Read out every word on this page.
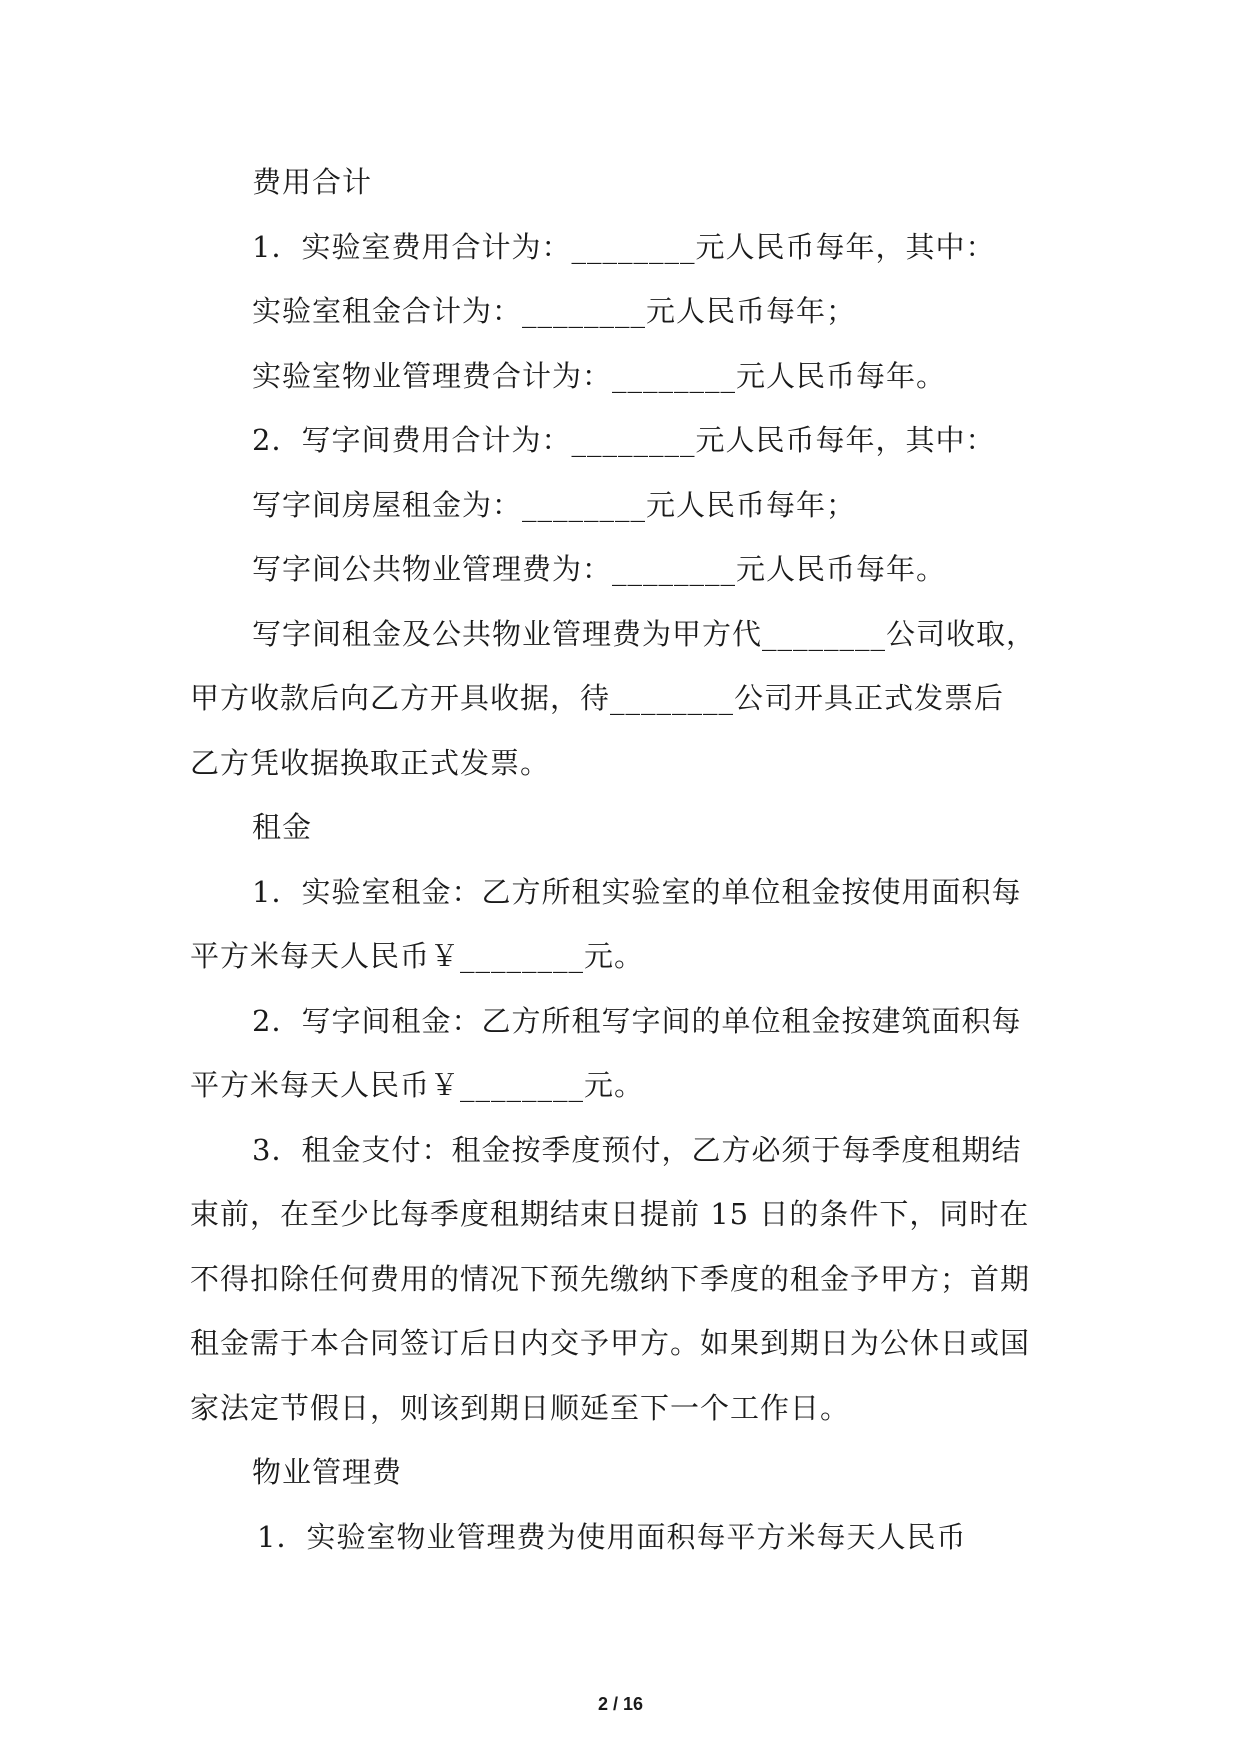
费用合计
1．实验室费用合计为：________元人民币每年，其中：
实验室租金合计为：________元人民币每年；
实验室物业管理费合计为：________元人民币每年。
2．写字间费用合计为：________元人民币每年，其中：
写字间房屋租金为：________元人民币每年；
写字间公共物业管理费为：________元人民币每年。
写字间租金及公共物业管理费为甲方代________公司收取，
甲方收款后向乙方开具收据，待________公司开具正式发票后
乙方凭收据换取正式发票。
租金
1．实验室租金：乙方所租实验室的单位租金按使用面积每
平方米每天人民币￥________元。
2．写字间租金：乙方所租写字间的单位租金按建筑面积每
平方米每天人民币￥________元。
3．租金支付：租金按季度预付，乙方必须于每季度租期结
束前，在至少比每季度租期结束日提前 15 日的条件下，同时在
不得扣除任何费用的情况下预先缴纳下季度的租金予甲方；首期
租金需于本合同签订后日内交予甲方。如果到期日为公休日或国
家法定节假日，则该到期日顺延至下一个工作日。
物业管理费
1．实验室物业管理费为使用面积每平方米每天人民币
2 / 16
